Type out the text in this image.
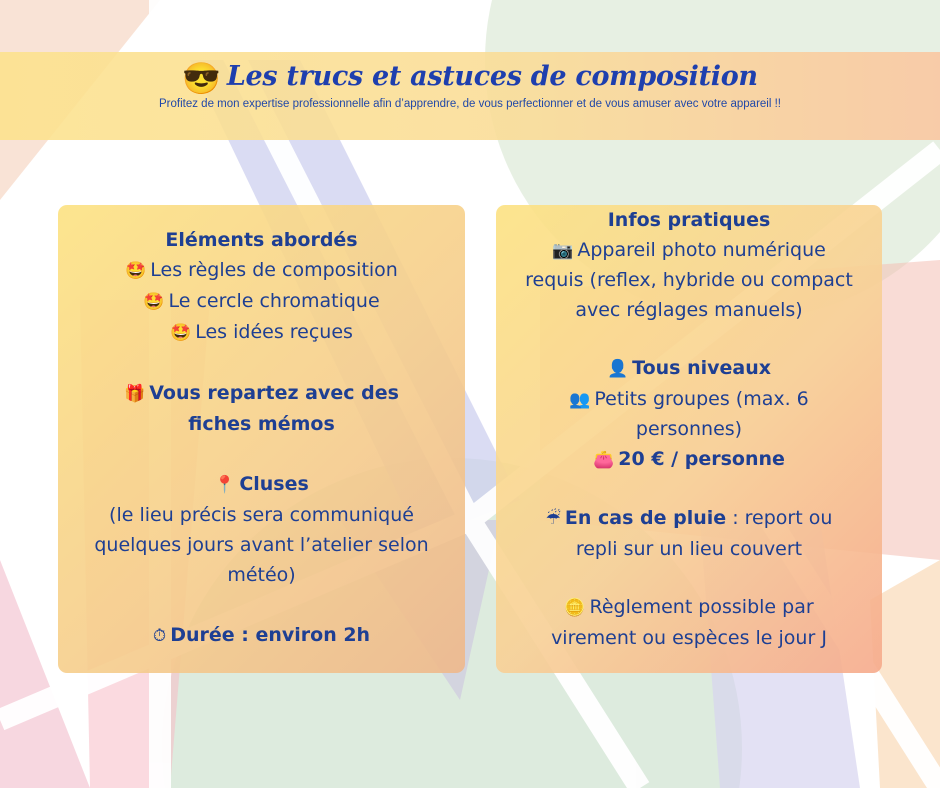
😎 Les trucs et astuces de composition
Profitez de mon expertise professionnelle afin d’apprendre, de vous perfectionner et de vous amuser avec votre appareil !!
Eléments abordés
🤩 Les règles de composition
🤩 Le cercle chromatique
🤩 Les idées reçues
🎁 Vous repartez avec des
fiches mémos
📍 Cluses
(le lieu précis sera communiqué
quelques jours avant l’atelier selon
météo)
⏱ Durée : environ 2h
Infos pratiques
📷 Appareil photo numérique
requis (reflex, hybride ou compact
avec réglages manuels)
👤 Tous niveaux
👥 Petits groupes (max. 6
personnes)
👛 20 € / personne
☔ En cas de pluie : report ou
repli sur un lieu couvert
🪙 Règlement possible par
virement ou espèces le jour J
